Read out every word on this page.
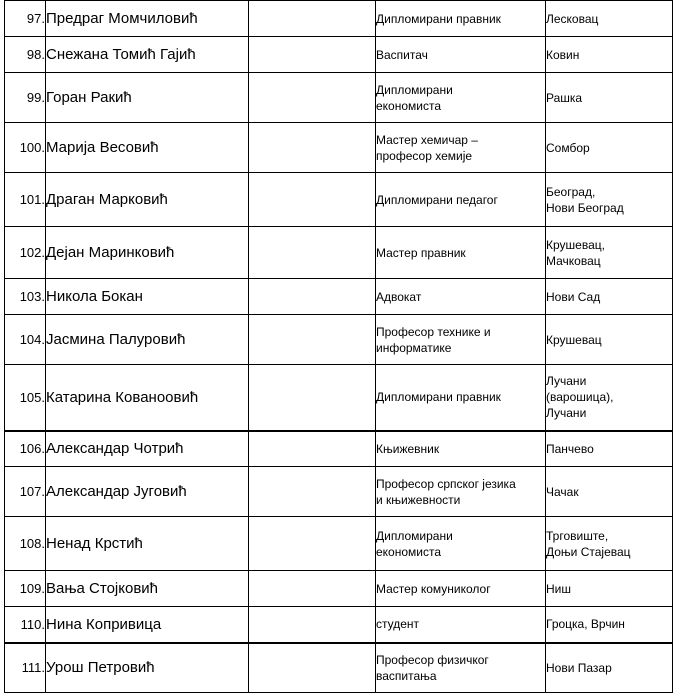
97.	Предраг Момчиловић		Дипломирани правник	Лесковац

98.	Снежана Томић Гајић		Васпитач	Ковин

99.	Горан Ракић		Дипломирани
економиста	Рашка

100.	Марија Весовић		Мастер хемичар –
професор хемије	Сомбор

101.	Драган Марковић		Дипломирани педагог	Београд,
Нови Београд

102.	Дејан Маринковић		Мастер правник	Крушевац,
Мачковац

103.	Никола Бокан		Адвокат	Нови Сад

104.	Јасмина Палуровић		Професор технике и
информатике	Крушевац

105.	Катарина Кованоовић		Дипломирани правник	Лучани
(варошица),
Лучани

106.	Александар Чотрић		Књижевник	Панчево

107.	Александар Југовић		Професор српског језика
и књижевности	Чачак

108.	Ненад Крстић		Дипломирани
економиста	Трговиште,
Доњи Стајевац

109.	Вања Стојковић		Мастер комуниколог	Ниш

110.	Нина Копривица		студент	Гроцка, Врчин

111.	Урош Петровић		Професор физичког
васпитања	Нови Пазар
